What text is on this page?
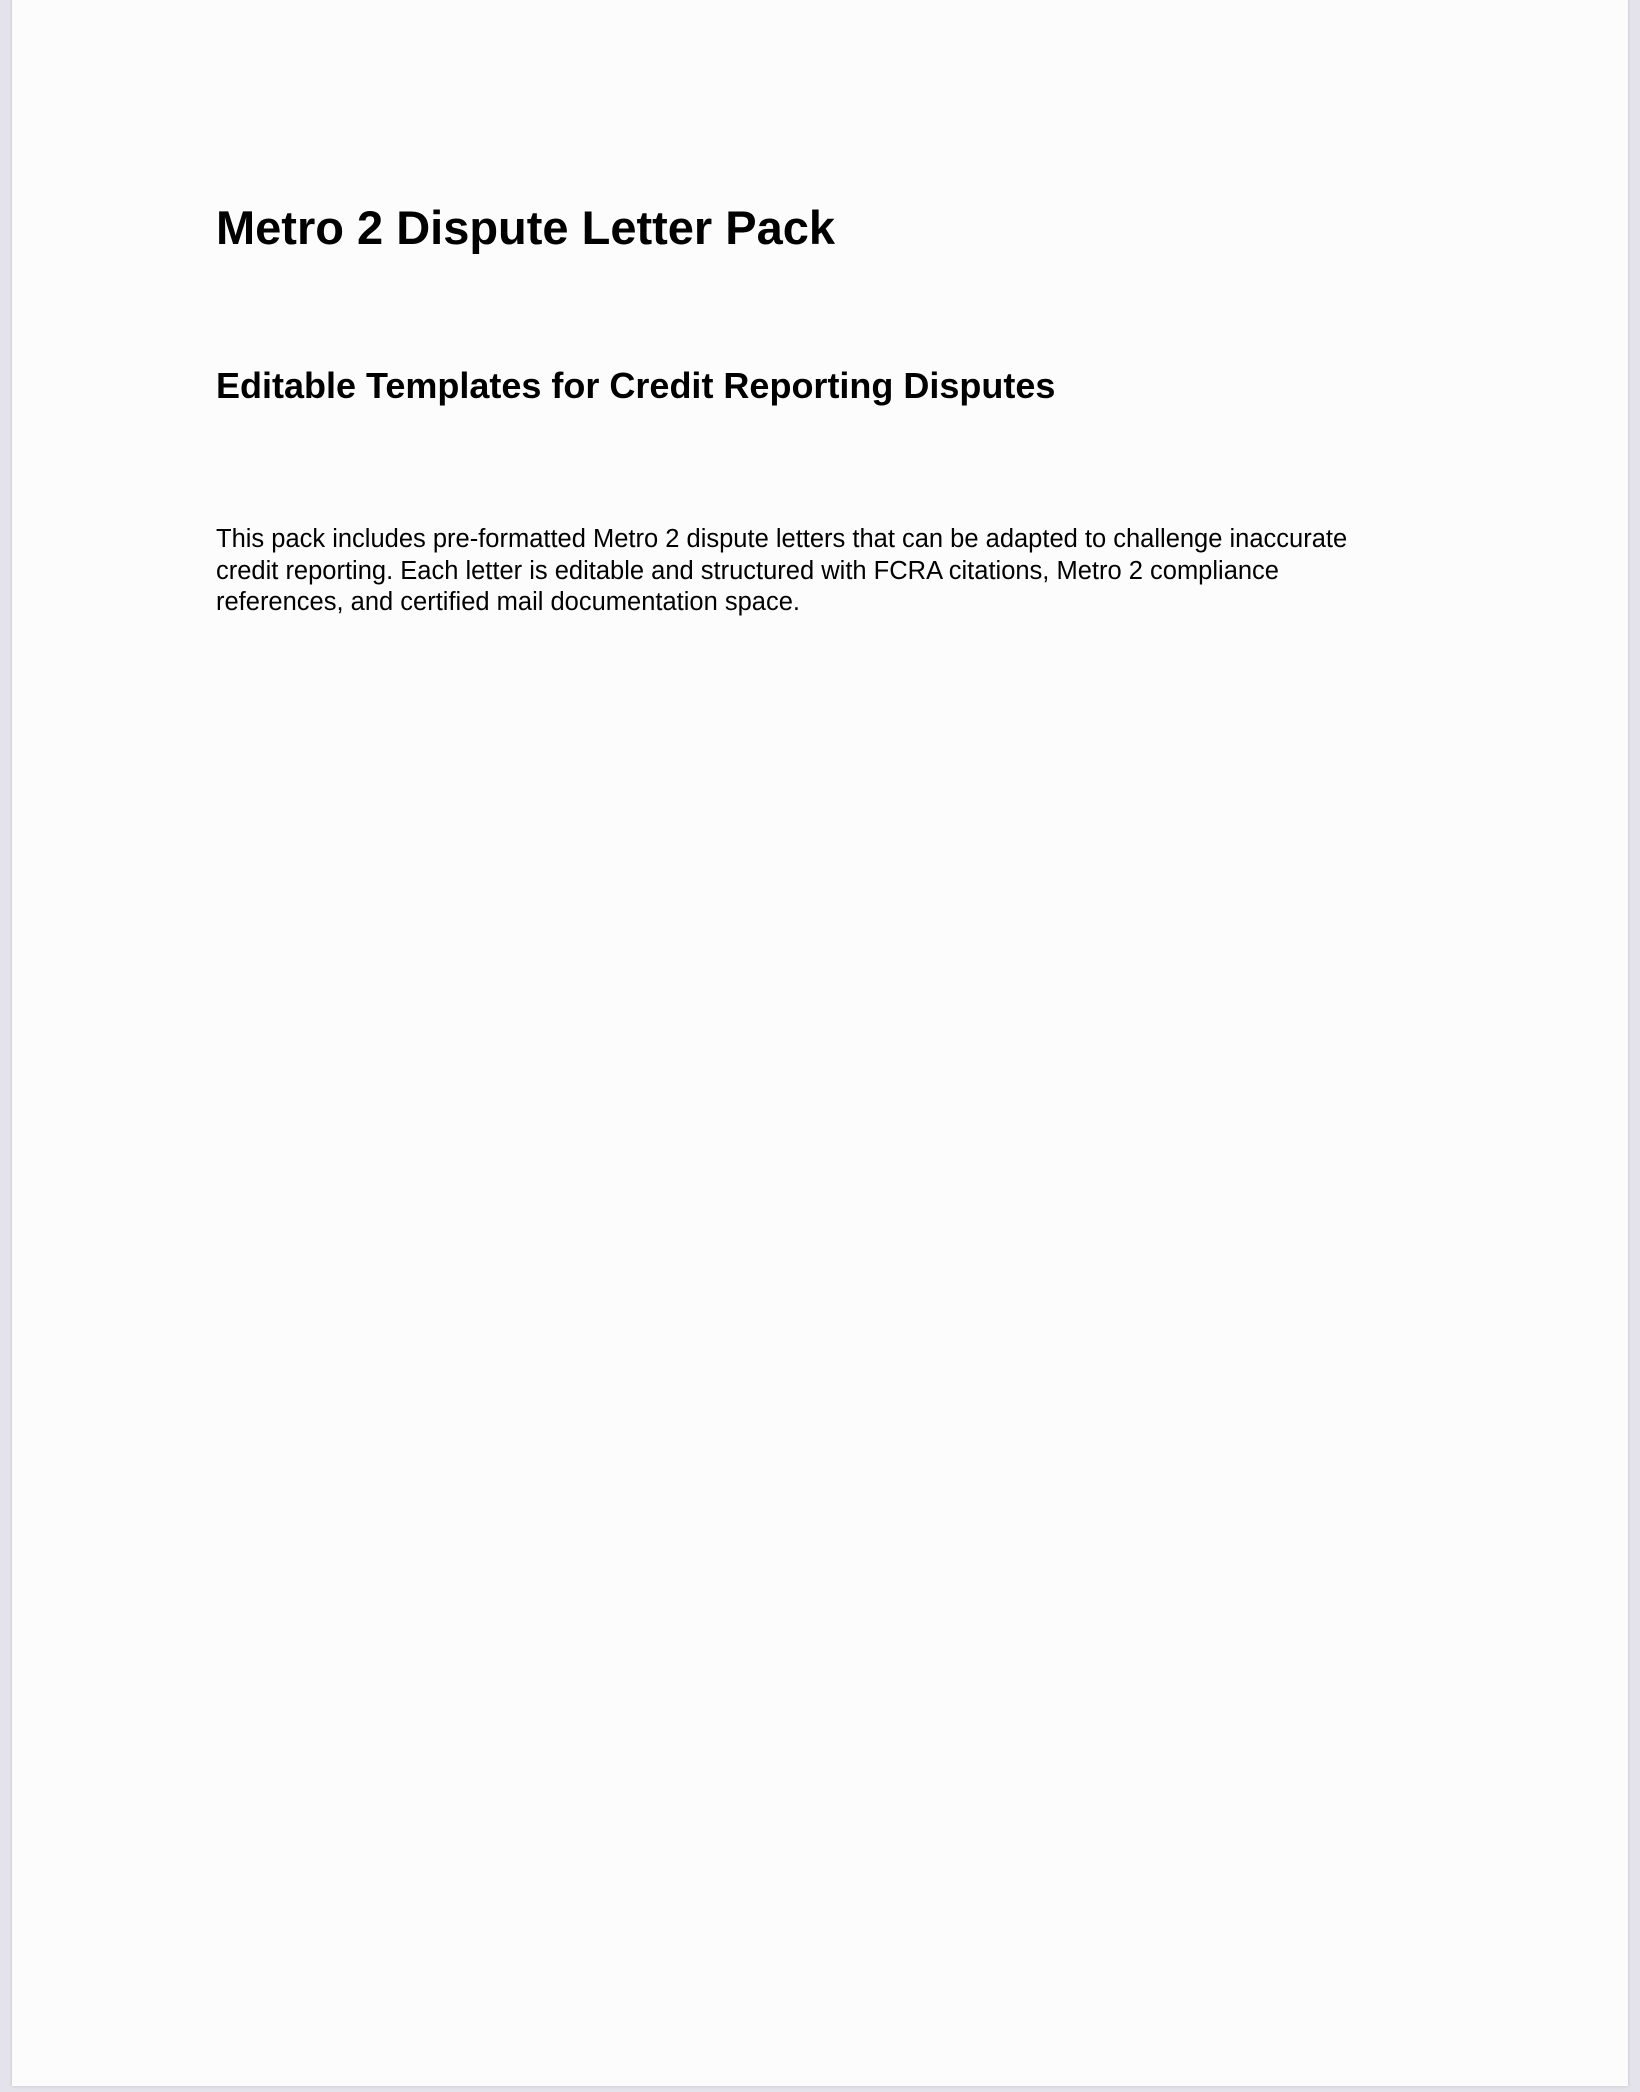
Metro 2 Dispute Letter Pack
Editable Templates for Credit Reporting Disputes

This pack includes pre-formatted Metro 2 dispute letters that can be adapted to challenge inaccurate
credit reporting. Each letter is editable and structured with FCRA citations, Metro 2 compliance
references, and certified mail documentation space.
